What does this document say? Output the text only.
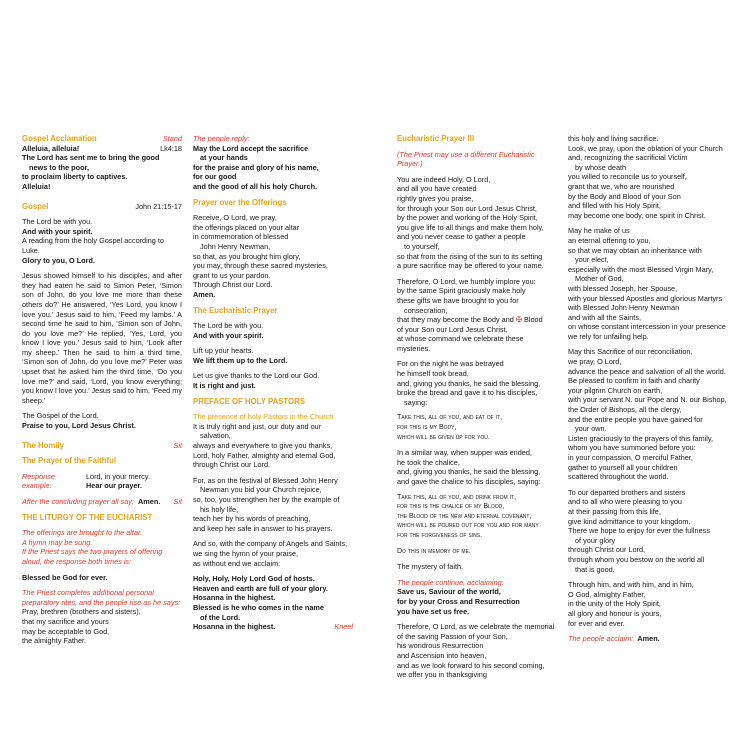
Gospel Acclamation	Stand
Alleluia, alleluia!	Lk4:18
The Lord has sent me to bring the good
news to the poor,
to proclaim liberty to captives.
Alleluia!
Gospel	John 21:15-17
The Lord be with you.
And with your spirit.
A reading from the holy Gospel according to Luke.
Glory to you, O Lord.
Jesus showed himself to his disciples, and after they had eaten he said to Simon Peter, ‘Simon son of John, do you love me more than these others do?’ He answered, ‘Yes Lord, you know I love you.’ Jesus said to him, ‘Feed my lambs.’ A second time he said to him, ‘Simon son of John, do you love me?’ He replied, ‘Yes, Lord, you know I love you.’ Jesus said to him, ‘Look after my sheep.’ Then he said to him a third time, ‘Simon son of John, do you love me?’ Peter was upset that he asked him the third time, ‘Do you love me?’ and said, ‘Lord, you know everything; you know I love you.’ Jesus said to him, ‘Feed my sheep.’
The Gospel of the Lord.
Praise to you, Lord Jesus Christ.
The Homily	Sit
The Prayer of the Faithful
Response example:
Lord, in your mercy.
Hear our prayer.
After the concluding prayer all say: Amen. Sit
THE LITURGY OF THE EUCHARIST
The offerings are brought to the altar.
A hymn may be sung.
If the Priest says the two prayers of offering
aloud, the response both times is:
Blessed be God for ever.
The Priest completes additional personal
preparatory rites, and the people rise as he says:
Pray, brethren (brothers and sisters),
that my sacrifice and yours
may be acceptable to God,
the almighty Father.
The people reply:
May the Lord accept the sacrifice
at your hands
for the praise and glory of his name,
for our good
and the good of all his holy Church.
Prayer over the Offerings
Receive, O Lord, we pray,
the offerings placed on your altar
in commemoration of blessed
John Henry Newman,
so that, as you brought him glory,
you may, through these sacred mysteries,
grant to us your pardon.
Through Christ our Lord.
Amen.
The Eucharistic Prayer
The Lord be with you.
And with your spirit.
Lift up your hearts.
We lift them up to the Lord.
Let us give thanks to the Lord our God.
It is right and just.
PREFACE OF HOLY PASTORS
The presence of holy Pastors in the Church
It is truly right and just, our duty and our
salvation,
always and everywhere to give you thanks,
Lord, holy Father, almighty and eternal God,
through Christ our Lord.
For, as on the festival of Blessed John Henry
Newman you bid your Church rejoice,
so, too, you strengthen her by the example of
his holy life,
teach her by his words of preaching,
and keep her safe in answer to his prayers.
And so, with the company of Angels and Saints,
we sing the hymn of your praise,
as without end we acclaim:
Holy, Holy, Holy Lord God of hosts.
Heaven and earth are full of your glory.
Hosanna in the highest.
Blessed is he who comes in the name
of the Lord.
Hosanna in the highest.	Kneel
Eucharistic Prayer III
(The Priest may use a different Eucharistic Prayer.)
You are indeed Holy, O Lord,
and all you have created
rightly gives you praise,
for through your Son our Lord Jesus Christ,
by the power and working of the Holy Spirit,
you give life to all things and make them holy,
and you never cease to gather a people
to yourself,
so that from the rising of the sun to its setting
a pure sacrifice may be offered to your name.
Therefore, O Lord, we humbly implore you:
by the same Spirit graciously make holy
these gifts we have brought to you for
consecration,
that they may become the Body and ✠ Blood
of your Son our Lord Jesus Christ,
at whose command we celebrate these mysteries.
For on the night he was betrayed
he himself took bread,
and, giving you thanks, he said the blessing,
broke the bread and gave it to his disciples,
saying:
Take this, all of you, and eat of it,
for this is my Body,
which will be given up for you.
In a similar way, when supper was ended,
he took the chalice,
and, giving you thanks, he said the blessing,
and gave the chalice to his disciples, saying:
Take this, all of you, and drink from it,
for this is the chalice of my Blood,
the Blood of the new and eternal covenant,
which will be poured out for you and for many
for the forgiveness of sins.
Do this in memory of me.
The mystery of faith.
The people continue, acclaiming:
Save us, Saviour of the world,
for by your Cross and Resurrection
you have set us free.
Therefore, O Lord, as we celebrate the memorial
of the saving Passion of your Son,
his wondrous Resurrection
and Ascension into heaven,
and as we look forward to his second coming,
we offer you in thanksgiving
this holy and living sacrifice.
Look, we pray, upon the oblation of your Church
and, recognizing the sacrificial Victim
by whose death
you willed to reconcile us to yourself,
grant that we, who are nourished
by the Body and Blood of your Son
and filled with his Holy Spirit,
may become one body, one spirit in Christ.
May he make of us
an eternal offering to you,
so that we may obtain an inheritance with
your elect,
especially with the most Blessed Virgin Mary,
Mother of God,
with blessed Joseph, her Spouse,
with your blessed Apostles and glorious Martyrs
with Blessed John Henry Newman
and with all the Saints,
on whose constant intercession in your presence
we rely for unfailing help.
May this Sacrifice of our reconciliation,
we pray, O Lord,
advance the peace and salvation of all the world.
Be pleased to confirm in faith and charity
your pilgrim Church on earth,
with your servant N. our Pope and N. our Bishop,
the Order of Bishops, all the clergy,
and the entire people you have gained for
your own.
Listen graciously to the prayers of this family,
whom you have summoned before you:
in your compassion, O merciful Father,
gather to yourself all your children
scattered throughout the world.
To our departed brothers and sisters
and to all who were pleasing to you
at their passing from this life,
give kind admittance to your kingdom.
There we hope to enjoy for ever the fullness
of your glory
through Christ our Lord,
through whom you bestow on the world all
that is good.
Through him, and with him, and in him,
O God, almighty Father,
in the unity of the Holy Spirit,
all glory and honour is yours,
for ever and ever.
The people acclaim: Amen.
